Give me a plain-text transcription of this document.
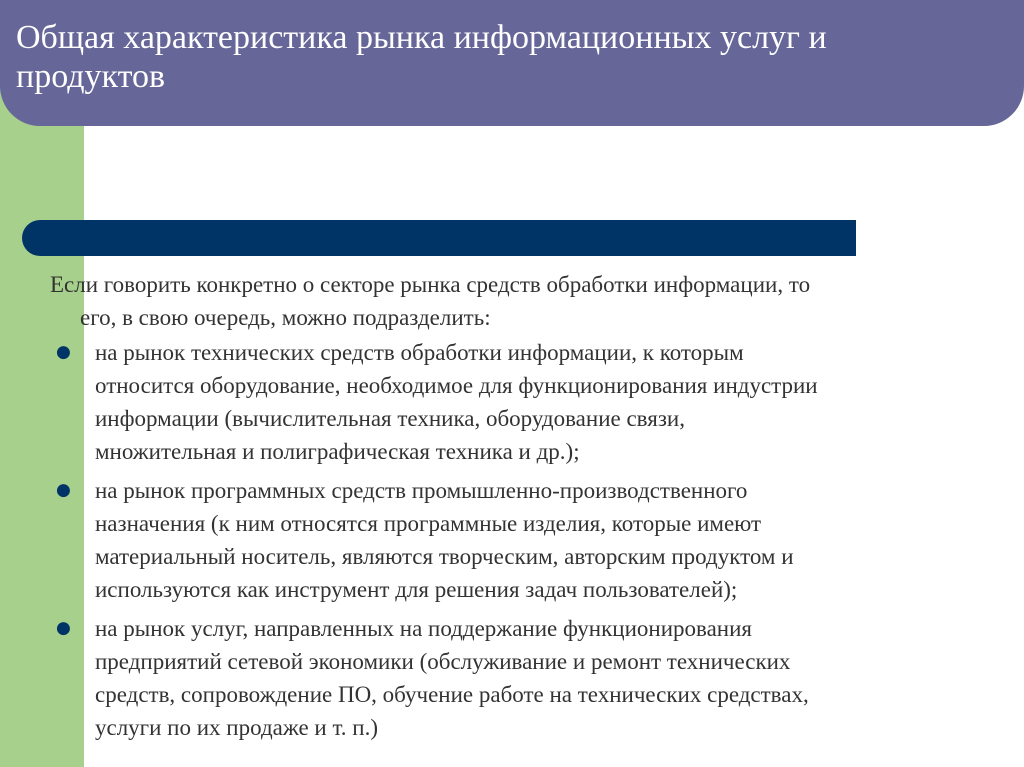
Общая характеристика рынка информационных услуг и продуктов

Если говорить конкретно о секторе рынка средств обработки информации, то

его, в свою очередь, можно подразделить:

● на рынок технических средств обработки информации, к которым
относится оборудование, необходимое для функционирования индустрии
информации (вычислительная техника, оборудование связи,
множительная и полиграфическая техника и др.);
● на рынок программных средств промышленно-производственного
назначения (к ним относятся программные изделия, которые имеют
материальный носитель, являются творческим, авторским продуктом и
используются как инструмент для решения задач пользователей);
● на рынок услуг, направленных на поддержание функционирования
предприятий сетевой экономики (обслуживание и ремонт технических
средств, сопровождение ПО, обучение работе на технических средствах,
услуги по их продаже и т. п.)
